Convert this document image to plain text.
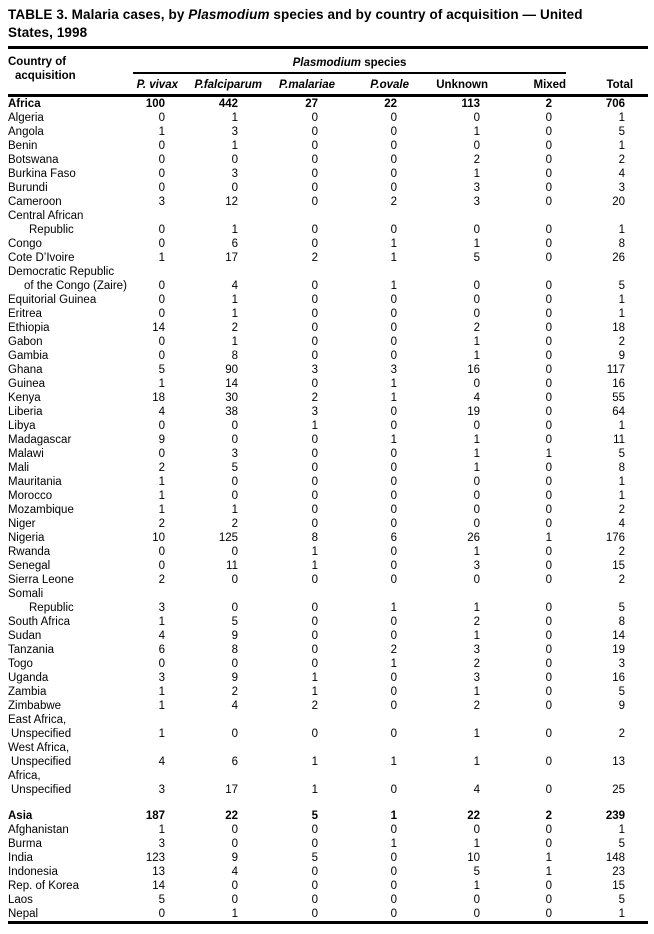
TABLE 3. Malaria cases, by Plasmodium species and by country of acquisition — United
States, 1998
Country of
acquisition	Plasmodium species						Total
	P. vivax	P.falciparum	P.malariae	P.ovale	Unknown	Mixed	
Africa	100	442	27	22	113	2	706
Algeria	0	1	0	0	0	0	1
Angola	1	3	0	0	1	0	5
Benin	0	1	0	0	0	0	1
Botswana	0	0	0	0	2	0	2
Burkina Faso	0	3	0	0	1	0	4
Burundi	0	0	0	0	3	0	3
Cameroon	3	12	0	2	3	0	20

Central African
Republic	0	1	0	0	0	0	1
Congo	0	6	0	1	1	0	8
Cote D’Ivoire	1	17	2	1	5	0	26

Democratic Republic
of the Congo (Zaire)	0	4	0	1	0	0	5
Equitorial Guinea	0	1	0	0	0	0	1
Eritrea	0	1	0	0	0	0	1
Ethiopia	14	2	0	0	2	0	18
Gabon	0	1	0	0	1	0	2
Gambia	0	8	0	0	1	0	9
Ghana	5	90	3	3	16	0	117
Guinea	1	14	0	1	0	0	16
Kenya	18	30	2	1	4	0	55
Liberia	4	38	3	0	19	0	64
Libya	0	0	1	0	0	0	1
Madagascar	9	0	0	1	1	0	11
Malawi	0	3	0	0	1	1	5
Mali	2	5	0	0	1	0	8
Mauritania	1	0	0	0	0	0	1
Morocco	1	0	0	0	0	0	1
Mozambique	1	1	0	0	0	0	2
Niger	2	2	0	0	0	0	4
Nigeria	10	125	8	6	26	1	176
Rwanda	0	0	1	0	1	0	2
Senegal	0	11	1	0	3	0	15
Sierra Leone	2	0	0	0	0	0	2

Somali
Republic	3	0	0	1	1	0	5
South Africa	1	5	0	0	2	0	8
Sudan	4	9	0	0	1	0	14
Tanzania	6	8	0	2	3	0	19
Togo	0	0	0	1	2	0	3
Uganda	3	9	1	0	3	0	16
Zambia	1	2	1	0	1	0	5
Zimbabwe	1	4	2	0	2	0	9

East Africa,
Unspecified	1	0	0	0	1	0	2

West Africa,
Unspecified	4	6	1	1	1	0	13

Africa,
Unspecified	3	17	1	0	4	0	25
Asia	187	22	5	1	22	2	239
Afghanistan	1	0	0	0	0	0	1
Burma	3	0	0	1	1	0	5
India	123	9	5	0	10	1	148
Indonesia	13	4	0	0	5	1	23
Rep. of Korea	14	0	0	0	1	0	15
Laos	5	0	0	0	0	0	5
Nepal	0	1	0	0	0	0	1
